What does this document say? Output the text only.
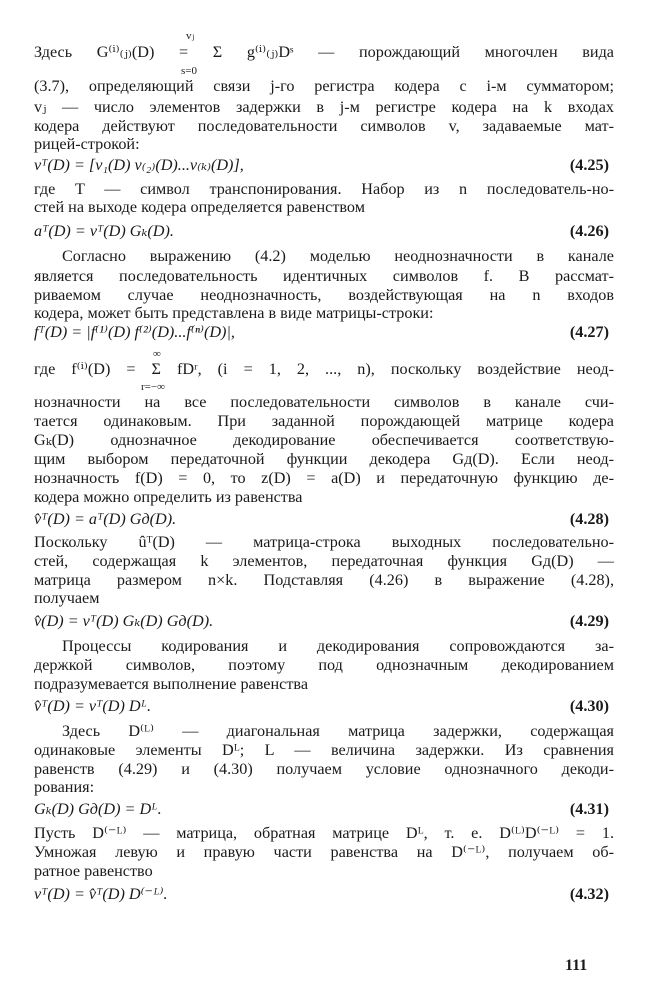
vⱼ
Здесь G⁽ⁱ⁾₍ⱼ₎(D) = Σ g⁽ⁱ⁾₍ⱼ₎Dˢ — порождающий многочлен вида
s=0
(3.7), определяющий связи j-го регистра кодера с i-м сумматором;
vⱼ — число элементов задержки в j-м регистре кодера на k входах
кодера действуют последовательности символов v, задаваемые мат-
рицей-строкой:
vᵀ(D) = [v₁(D) v₍₂₎(D)...v₍ₖ₎(D)],	(4.25)
где T — символ транспонирования. Набор из n последователь-но-
стей на выходе кодера определяется равенством
aᵀ(D) = vᵀ(D) Gₖ(D).	(4.26)
Согласно выражению (4.2) моделью неоднозначности в канале
является последовательность идентичных символов f. В рассмат-
риваемом случае неоднозначность, воздействующая на n входов
кодера, может быть представлена в виде матрицы-строки:
fᵀ(D) = |f⁽¹⁾(D) f⁽²⁾(D)...f⁽ⁿ⁾(D)|,	(4.27)
∞
где f⁽ⁱ⁾(D) = Σ fDʳ, (i = 1, 2, ..., n), поскольку воздействие неод-
r=−∞
нозначности на все последовательности символов в канале счи-
тается одинаковым. При заданной порождающей матрице кодера
Gₖ(D) однозначное декодирование обеспечивается соответствую-
щим выбором передаточной функции декодера Gд(D). Если неод-
нозначность f(D) = 0, то z(D) = a(D) и передаточную функцию де-
кодера можно определить из равенства
v̂ᵀ(D) = aᵀ(D) Gд(D).	(4.28)
Поскольку ûᵀ(D) — матрица-строка выходных последовательно-
стей, содержащая k элементов, передаточная функция Gд(D) —
матрица размером n×k. Подставляя (4.26) в выражение (4.28),
получаем
v̂(D) = vᵀ(D) Gₖ(D) Gд(D).	(4.29)
Процессы кодирования и декодирования сопровождаются за-
держкой символов, поэтому под однозначным декодированием
подразумевается выполнение равенства
v̂ᵀ(D) = vᵀ(D) Dᴸ.	(4.30)
Здесь D⁽ᴸ⁾ — диагональная матрица задержки, содержащая
одинаковые элементы Dᴸ; L — величина задержки. Из сравнения
равенств (4.29) и (4.30) получаем условие однозначного декоди-
рования:
Gₖ(D) Gд(D) = Dᴸ.	(4.31)
Пусть D⁽⁻ᴸ⁾ — матрица, обратная матрице Dᴸ, т. е. D⁽ᴸ⁾D⁽⁻ᴸ⁾ = 1.
Умножая левую и правую части равенства на D⁽⁻ᴸ⁾, получаем об-
ратное равенство
vᵀ(D) = v̂ᵀ(D) D⁽⁻ᴸ⁾.	(4.32)
111
